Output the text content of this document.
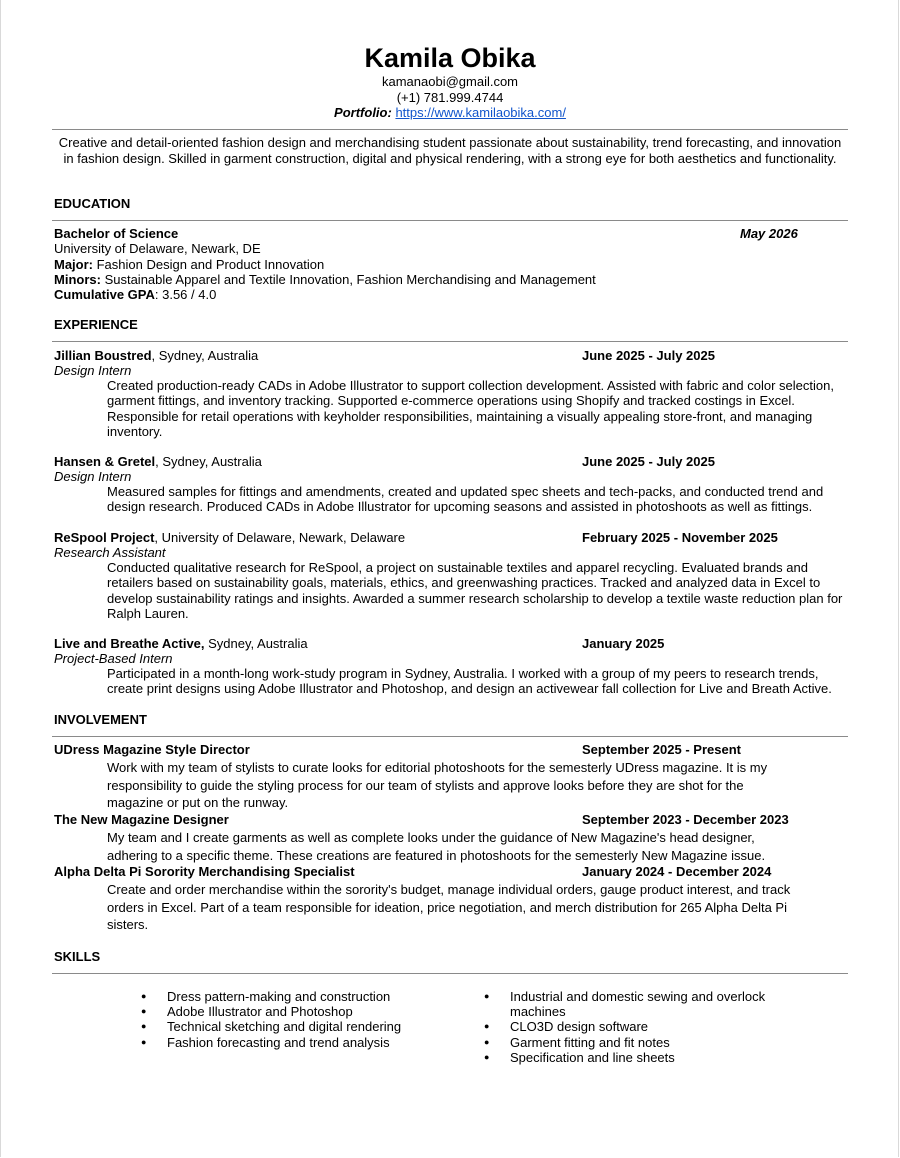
Kamila Obika
kamanaobi@gmail.com
(+1) 781.999.4744
Portfolio: https://www.kamilaobika.com/
Creative and detail-oriented fashion design and merchandising student passionate about sustainability, trend forecasting, and innovation in fashion design. Skilled in garment construction, digital and physical rendering, with a strong eye for both aesthetics and functionality.
EDUCATION
Bachelor of Science	May 2026
University of Delaware, Newark, DE
Major: Fashion Design and Product Innovation
Minors: Sustainable Apparel and Textile Innovation, Fashion Merchandising and Management
Cumulative GPA: 3.56 / 4.0
EXPERIENCE
Jillian Boustred, Sydney, Australia	June 2025 - July 2025
Design Intern
Created production-ready CADs in Adobe Illustrator to support collection development. Assisted with fabric and color selection, garment fittings, and inventory tracking. Supported e-commerce operations using Shopify and tracked costings in Excel. Responsible for retail operations with keyholder responsibilities, maintaining a visually appealing store-front, and managing inventory.
Hansen & Gretel, Sydney, Australia	June 2025 - July 2025
Design Intern
Measured samples for fittings and amendments, created and updated spec sheets and tech-packs, and conducted trend and design research. Produced CADs in Adobe Illustrator for upcoming seasons and assisted in photoshoots as well as fittings.
ReSpool Project, University of Delaware, Newark, Delaware	February 2025 - November 2025
Research Assistant
Conducted qualitative research for ReSpool, a project on sustainable textiles and apparel recycling. Evaluated brands and retailers based on sustainability goals, materials, ethics, and greenwashing practices. Tracked and analyzed data in Excel to develop sustainability ratings and insights. Awarded a summer research scholarship to develop a textile waste reduction plan for Ralph Lauren.
Live and Breathe Active, Sydney, Australia	January 2025
Project-Based Intern
Participated in a month-long work-study program in Sydney, Australia. I worked with a group of my peers to research trends, create print designs using Adobe Illustrator and Photoshop, and design an activewear fall collection for Live and Breath Active.
INVOLVEMENT
UDress Magazine Style Director	September 2025 - Present
Work with my team of stylists to curate looks for editorial photoshoots for the semesterly UDress magazine. It is my responsibility to guide the styling process for our team of stylists and approve looks before they are shot for the magazine or put on the runway.
The New Magazine Designer	September 2023 - December 2023
My team and I create garments as well as complete looks under the guidance of New Magazine's head designer, adhering to a specific theme. These creations are featured in photoshoots for the semesterly New Magazine issue.
Alpha Delta Pi Sorority Merchandising Specialist	January 2024 - December 2024
Create and order merchandise within the sorority's budget, manage individual orders, gauge product interest, and track orders in Excel. Part of a team responsible for ideation, price negotiation, and merch distribution for 265 Alpha Delta Pi sisters.
SKILLS
● Dress pattern-making and construction
● Adobe Illustrator and Photoshop
● Technical sketching and digital rendering
● Fashion forecasting and trend analysis
● Industrial and domestic sewing and overlock machines
● CLO3D design software
● Garment fitting and fit notes
● Specification and line sheets
